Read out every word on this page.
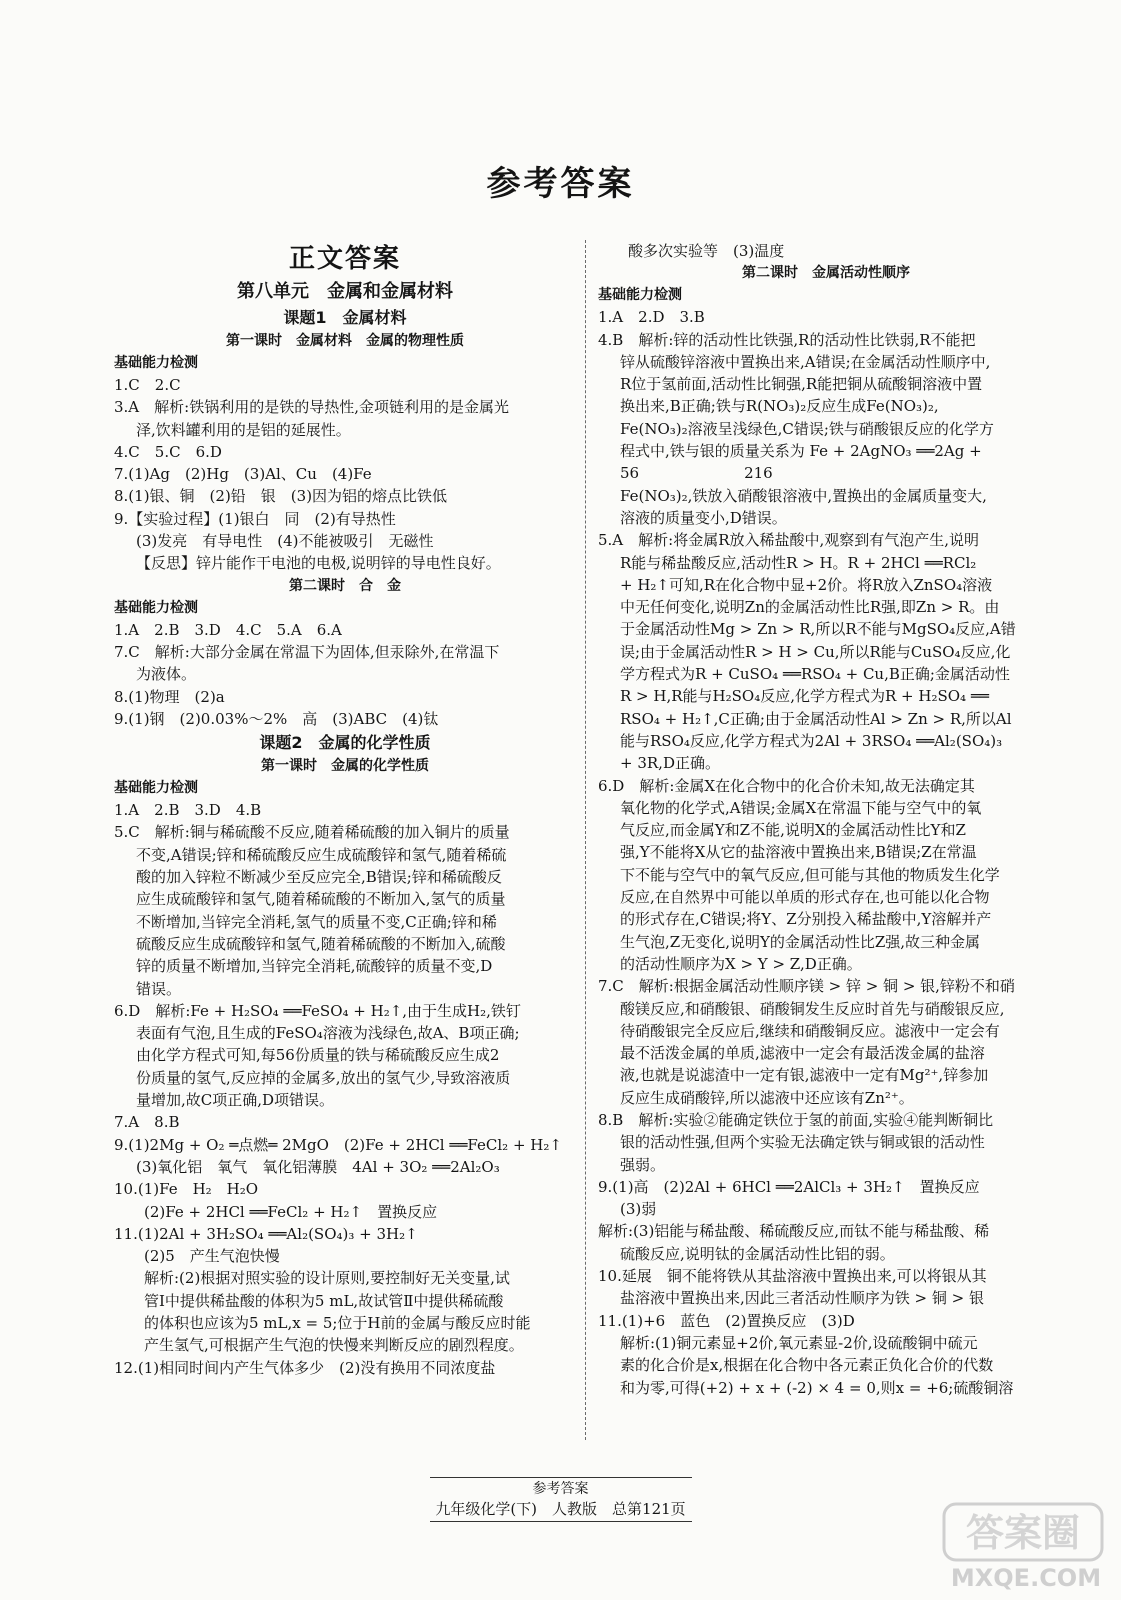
参考答案
正文答案
第八单元　金属和金属材料
课题1　金属材料
第一课时　金属材料　金属的物理性质
基础能力检测
1.C　2.C
3.A　解析:铁锅利用的是铁的导热性,金项链利用的是金属光
泽,饮料罐利用的是铝的延展性。
4.C　5.C　6.D
7.(1)Ag　(2)Hg　(3)Al、Cu　(4)Fe
8.(1)银、铜　(2)铅　银　(3)因为铝的熔点比铁低
9.【实验过程】(1)银白　同　(2)有导热性
(3)发亮　有导电性　(4)不能被吸引　无磁性
【反思】锌片能作干电池的电极,说明锌的导电性良好。
第二课时　合　金
基础能力检测
1.A　2.B　3.D　4.C　5.A　6.A
7.C　解析:大部分金属在常温下为固体,但汞除外,在常温下
为液体。
8.(1)物理　(2)a
9.(1)钢　(2)0.03%～2%　高　(3)ABC　(4)钛
课题2　金属的化学性质
第一课时　金属的化学性质
基础能力检测
1.A　2.B　3.D　4.B
5.C　解析:铜与稀硫酸不反应,随着稀硫酸的加入铜片的质量
不变,A错误;锌和稀硫酸反应生成硫酸锌和氢气,随着稀硫
酸的加入锌粒不断减少至反应完全,B错误;锌和稀硫酸反
应生成硫酸锌和氢气,随着稀硫酸的不断加入,氢气的质量
不断增加,当锌完全消耗,氢气的质量不变,C正确;锌和稀
硫酸反应生成硫酸锌和氢气,随着稀硫酸的不断加入,硫酸
锌的质量不断增加,当锌完全消耗,硫酸锌的质量不变,D
错误。
6.D　解析:Fe + H₂SO₄ ══FeSO₄ + H₂↑,由于生成H₂,铁钉
表面有气泡,且生成的FeSO₄溶液为浅绿色,故A、B项正确;
由化学方程式可知,每56份质量的铁与稀硫酸反应生成2
份质量的氢气,反应掉的金属多,放出的氢气少,导致溶液质
量增加,故C项正确,D项错误。
7.A　8.B
9.(1)2Mg + O₂ ═点燃═ 2MgO　(2)Fe + 2HCl ══FeCl₂ + H₂↑
(3)氧化铝　氧气　氧化铝薄膜　4Al + 3O₂ ══2Al₂O₃
10.(1)Fe　H₂　H₂O
(2)Fe + 2HCl ══FeCl₂ + H₂↑　置换反应
11.(1)2Al + 3H₂SO₄ ══Al₂(SO₄)₃ + 3H₂↑
(2)5　产生气泡快慢
解析:(2)根据对照实验的设计原则,要控制好无关变量,试
管Ⅰ中提供稀盐酸的体积为5 mL,故试管Ⅱ中提供稀硫酸
的体积也应该为5 mL,x = 5;位于H前的金属与酸反应时能
产生氢气,可根据产生气泡的快慢来判断反应的剧烈程度。
12.(1)相同时间内产生气体多少　(2)没有换用不同浓度盐
酸多次实验等　(3)温度
第二课时　金属活动性顺序
基础能力检测
1.A　2.D　3.B
4.B　解析:锌的活动性比铁强,R的活动性比铁弱,R不能把
锌从硫酸锌溶液中置换出来,A错误;在金属活动性顺序中,
R位于氢前面,活动性比铜强,R能把铜从硫酸铜溶液中置
换出来,B正确;铁与R(NO₃)₂反应生成Fe(NO₃)₂,
Fe(NO₃)₂溶液呈浅绿色,C错误;铁与硝酸银反应的化学方
程式中,铁与银的质量关系为 Fe + 2AgNO₃ ══2Ag +
56　　　　　　　216
Fe(NO₃)₂,铁放入硝酸银溶液中,置换出的金属质量变大,
溶液的质量变小,D错误。
5.A　解析:将金属R放入稀盐酸中,观察到有气泡产生,说明
R能与稀盐酸反应,活动性R > H。R + 2HCl ══RCl₂
+ H₂↑可知,R在化合物中显+2价。将R放入ZnSO₄溶液
中无任何变化,说明Zn的金属活动性比R强,即Zn > R。由
于金属活动性Mg > Zn > R,所以R不能与MgSO₄反应,A错
误;由于金属活动性R > H > Cu,所以R能与CuSO₄反应,化
学方程式为R + CuSO₄ ══RSO₄ + Cu,B正确;金属活动性
R > H,R能与H₂SO₄反应,化学方程式为R + H₂SO₄ ══
RSO₄ + H₂↑,C正确;由于金属活动性Al > Zn > R,所以Al
能与RSO₄反应,化学方程式为2Al + 3RSO₄ ══Al₂(SO₄)₃
+ 3R,D正确。
6.D　解析:金属X在化合物中的化合价未知,故无法确定其
氧化物的化学式,A错误;金属X在常温下能与空气中的氧
气反应,而金属Y和Z不能,说明X的金属活动性比Y和Z
强,Y不能将X从它的盐溶液中置换出来,B错误;Z在常温
下不能与空气中的氧气反应,但可能与其他的物质发生化学
反应,在自然界中可能以单质的形式存在,也可能以化合物
的形式存在,C错误;将Y、Z分别投入稀盐酸中,Y溶解并产
生气泡,Z无变化,说明Y的金属活动性比Z强,故三种金属
的活动性顺序为X > Y > Z,D正确。
7.C　解析:根据金属活动性顺序镁 > 锌 > 铜 > 银,锌粉不和硝
酸镁反应,和硝酸银、硝酸铜发生反应时首先与硝酸银反应,
待硝酸银完全反应后,继续和硝酸铜反应。滤液中一定会有
最不活泼金属的单质,滤液中一定会有最活泼金属的盐溶
液,也就是说滤渣中一定有银,滤液中一定有Mg²⁺,锌参加
反应生成硝酸锌,所以滤液中还应该有Zn²⁺。
8.B　解析:实验②能确定铁位于氢的前面,实验④能判断铜比
银的活动性强,但两个实验无法确定铁与铜或银的活动性
强弱。
9.(1)高　(2)2Al + 6HCl ══2AlCl₃ + 3H₂↑　置换反应
(3)弱
解析:(3)铝能与稀盐酸、稀硫酸反应,而钛不能与稀盐酸、稀
硫酸反应,说明钛的金属活动性比铝的弱。
10.延展　铜不能将铁从其盐溶液中置换出来,可以将银从其
盐溶液中置换出来,因此三者活动性顺序为铁 > 铜 > 银
11.(1)+6　蓝色　(2)置换反应　(3)D
解析:(1)铜元素显+2价,氧元素显-2价,设硫酸铜中硫元
素的化合价是x,根据在化合物中各元素正负化合价的代数
和为零,可得(+2) + x + (-2) × 4 = 0,则x = +6;硫酸铜溶
参考答案
九年级化学(下)　人教版　总第121页
答案圈
MXQE.COM
